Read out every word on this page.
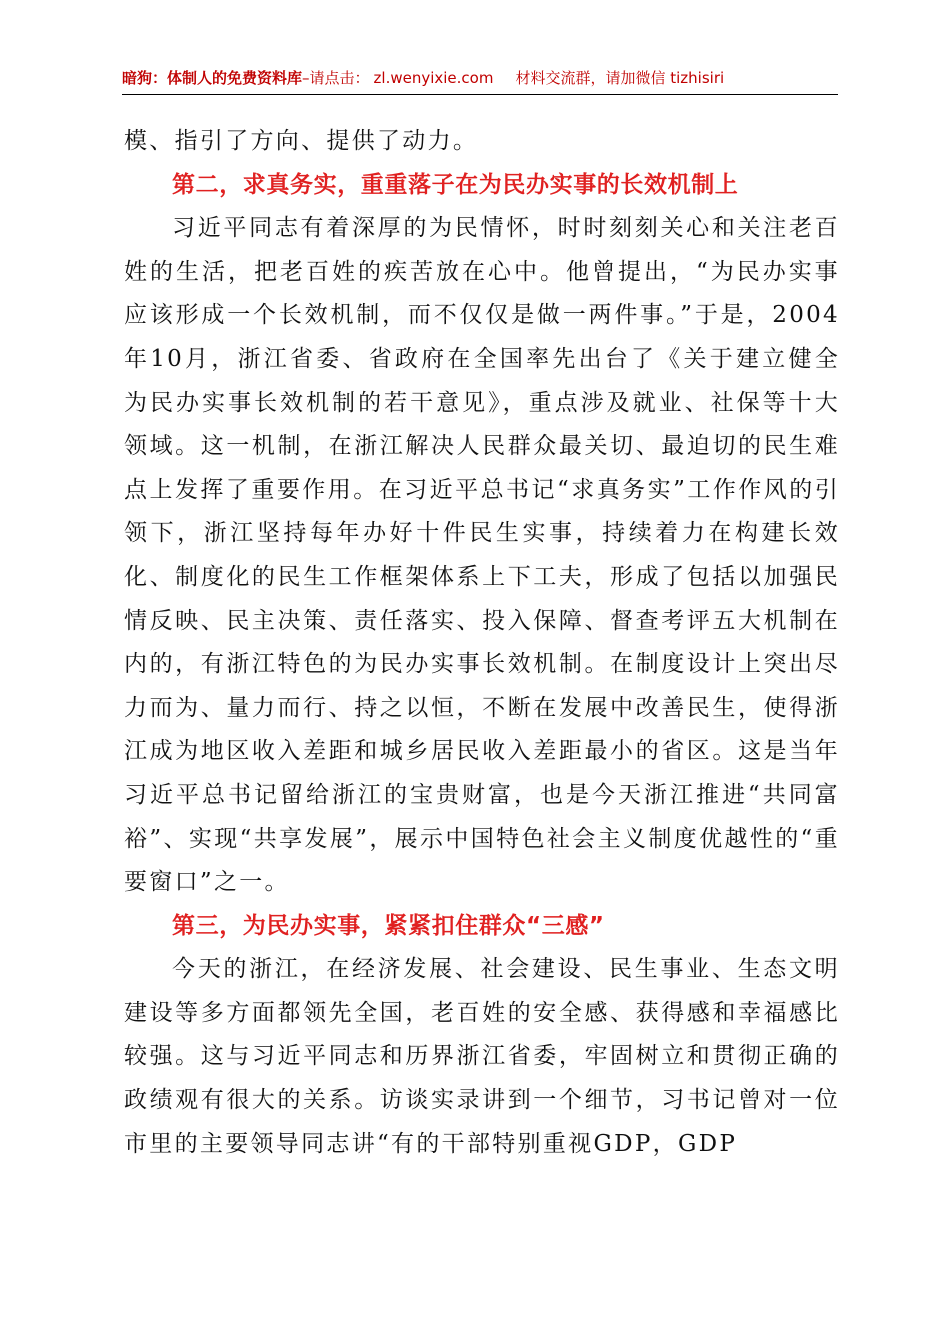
暗狗：体制人的免费资料库–请点击： zl.wenyixie.com 材料交流群，请加微信 tizhisiri

模、指引了方向、提供了动力。

第二，求真务实，重重落子在为民办实事的长效机制上

习近平同志有着深厚的为民情怀，时时刻刻关心和关注老百姓的生活，把老百姓的疾苦放在心中。他曾提出，“为民办实事应该形成一个长效机制，而不仅仅是做一两件事。”于是，2004年10月，浙江省委、省政府在全国率先出台了《关于建立健全为民办实事长效机制的若干意见》，重点涉及就业、社保等十大领域。这一机制，在浙江解决人民群众最关切、最迫切的民生难点上发挥了重要作用。在习近平总书记“求真务实”工作作风的引领下，浙江坚持每年办好十件民生实事，持续着力在构建长效化、制度化的民生工作框架体系上下工夫，形成了包括以加强民情反映、民主决策、责任落实、投入保障、督查考评五大机制在内的，有浙江特色的为民办实事长效机制。在制度设计上突出尽力而为、量力而行、持之以恒，不断在发展中改善民生，使得浙江成为地区收入差距和城乡居民收入差距最小的省区。这是当年习近平总书记留给浙江的宝贵财富，也是今天浙江推进“共同富裕”、实现“共享发展”，展示中国特色社会主义制度优越性的“重要窗口”之一。

第三，为民办实事，紧紧扣住群众“三感”

今天的浙江，在经济发展、社会建设、民生事业、生态文明建设等多方面都领先全国，老百姓的安全感、获得感和幸福感比较强。这与习近平同志和历界浙江省委，牢固树立和贯彻正确的政绩观有很大的关系。访谈实录讲到一个细节，习书记曾对一位市里的主要领导同志讲“有的干部特别重视GDP，GDP
